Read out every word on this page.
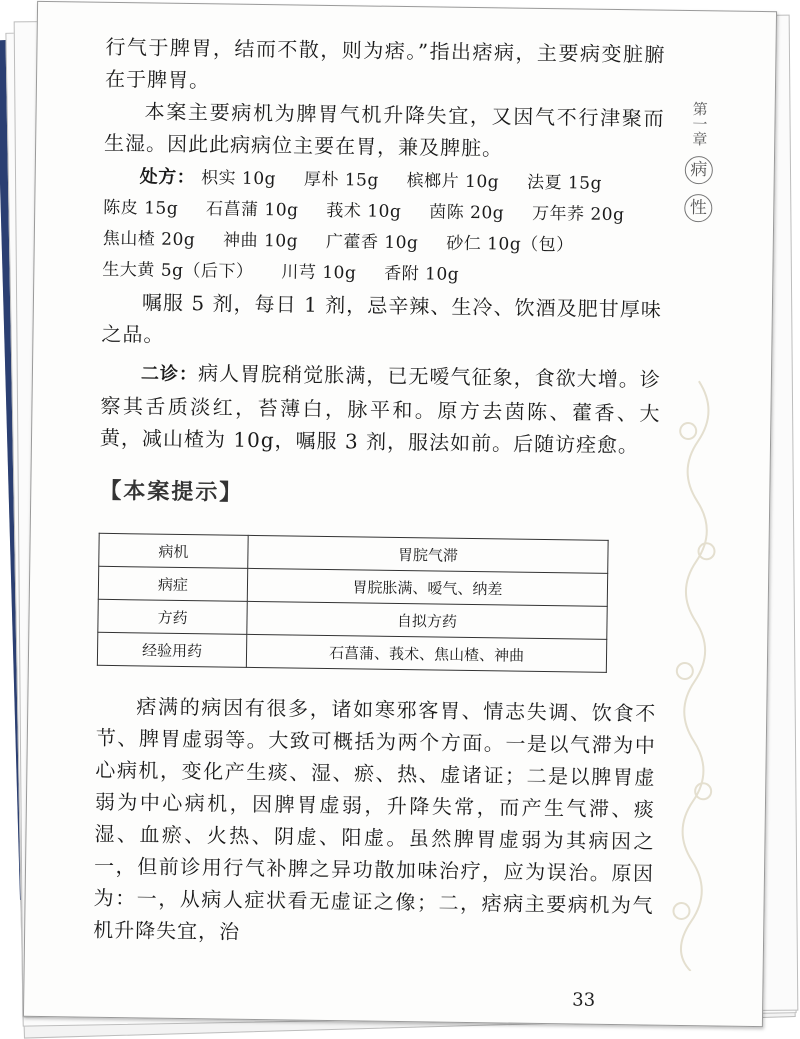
行气于脾胃，结而不散，则为痞。”指出痞病，主要病变脏腑在于脾胃。

本案主要病机为脾胃气机升降失宜，又因气不行津聚而生湿。因此此病病位主要在胃，兼及脾脏。

处方： 枳实 10g 厚朴 15g 槟榔片 10g 法夏 15g 陈皮 15g 石菖蒲 10g 莪术 10g 茵陈 20g 万年荞 20g 焦山楂 20g 神曲 10g 广藿香 10g 砂仁 10g（包） 生大黄 5g（后下） 川芎 10g 香附 10g

嘱服 5 剂，每日 1 剂，忌辛辣、生冷、饮酒及肥甘厚味之品。

二诊：病人胃脘稍觉胀满，已无嗳气征象，食欲大增。诊察其舌质淡红，苔薄白，脉平和。原方去茵陈、藿香、大黄，减山楂为 10g，嘱服 3 剂，服法如前。后随访痊愈。

【本案提示】
病机	胃脘气滞
病症	胃脘胀满、嗳气、纳差
方药	自拟方药
经验用药	石菖蒲、莪术、焦山楂、神曲

痞满的病因有很多，诸如寒邪客胃、情志失调、饮食不节、脾胃虚弱等。大致可概括为两个方面。一是以气滞为中心病机，变化产生痰、湿、瘀、热、虚诸证；二是以脾胃虚弱为中心病机，因脾胃虚弱，升降失常，而产生气滞、痰湿、血瘀、火热、阴虚、阳虚。虽然脾胃虚弱为其病因之一，但前诊用行气补脾之异功散加味治疗，应为误治。原因为：一，从病人症状看无虚证之像；二，痞病主要病机为气机升降失宜，治

第一章
病
性
33
